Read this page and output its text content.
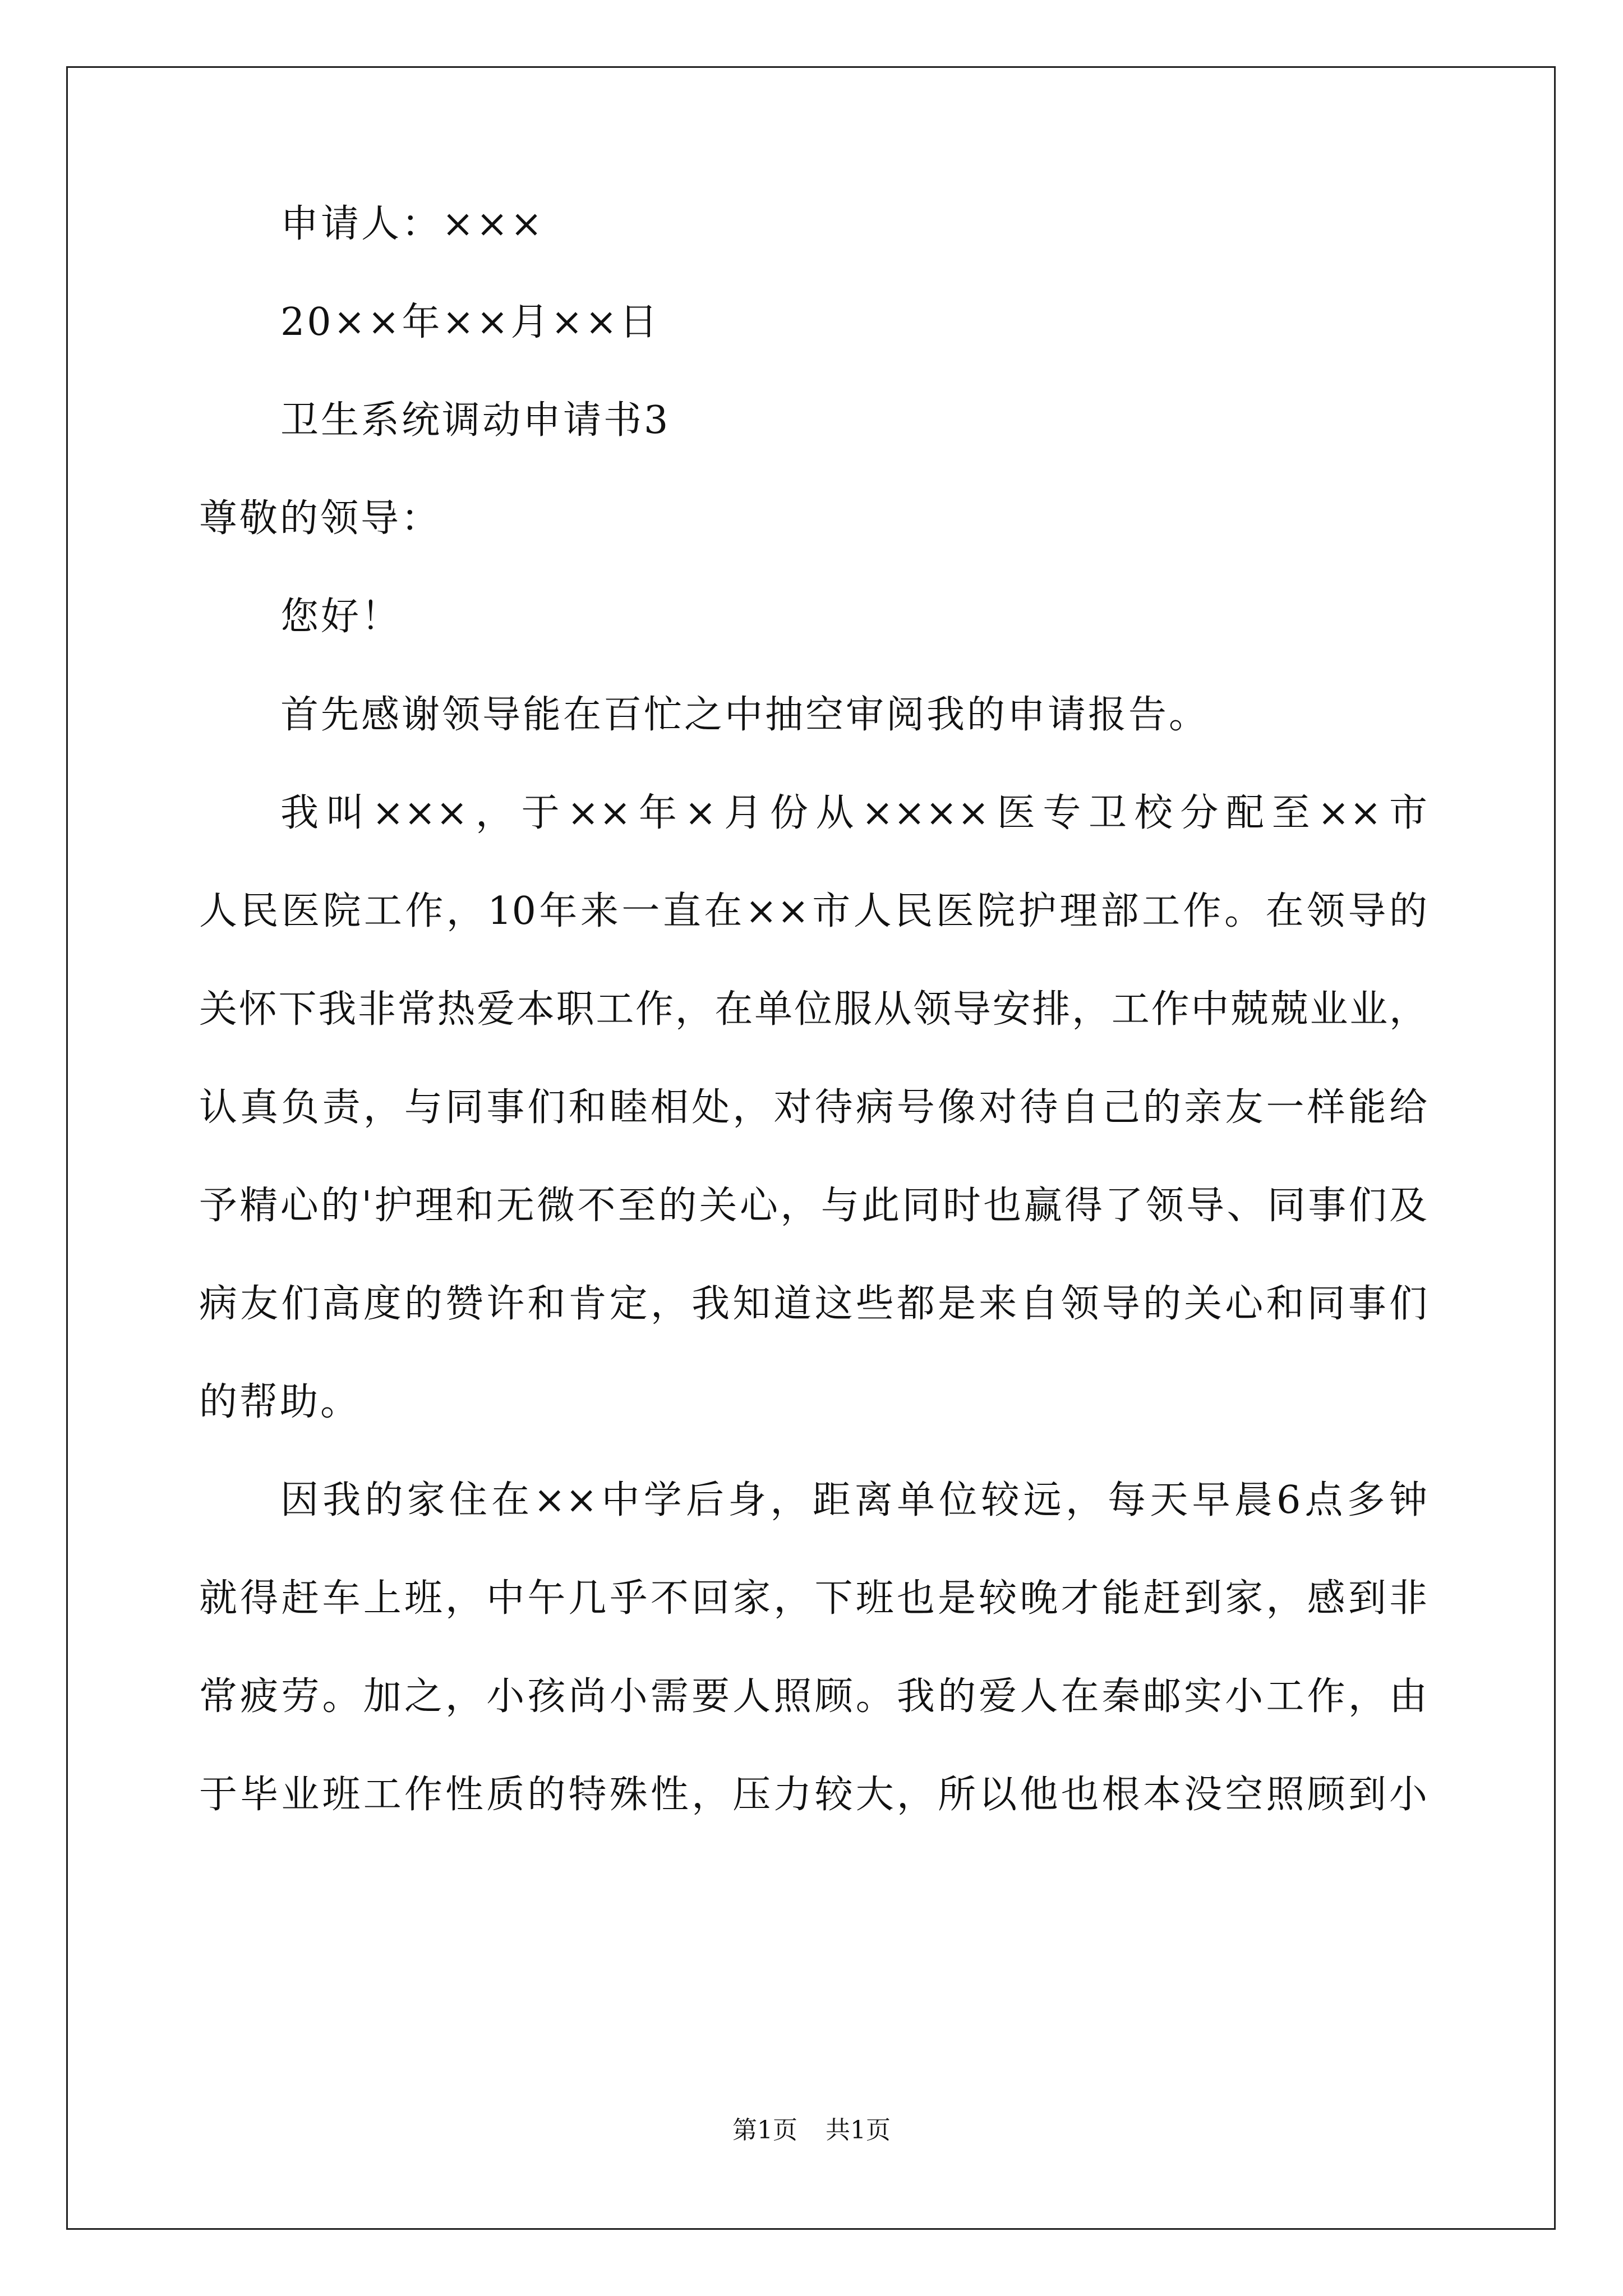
申请人：×××
20××年××月××日
卫生系统调动申请书3
尊敬的领导：
您好！
首先感谢领导能在百忙之中抽空审阅我的申请报告。
我叫×××，于××年×月份从××××医专卫校分配至××市
人民医院工作，10年来一直在××市人民医院护理部工作。在领导的
关怀下我非常热爱本职工作，在单位服从领导安排，工作中兢兢业业，
认真负责，与同事们和睦相处，对待病号像对待自己的亲友一样能给
予精心的'护理和无微不至的关心，与此同时也赢得了领导、同事们及
病友们高度的赞许和肯定，我知道这些都是来自领导的关心和同事们
的帮助。
因我的家住在××中学后身，距离单位较远，每天早晨6点多钟
就得赶车上班，中午几乎不回家，下班也是较晚才能赶到家，感到非
常疲劳。加之，小孩尚小需要人照顾。我的爱人在秦邮实小工作，由
于毕业班工作性质的特殊性，压力较大，所以他也根本没空照顾到小
第1页 共1页
